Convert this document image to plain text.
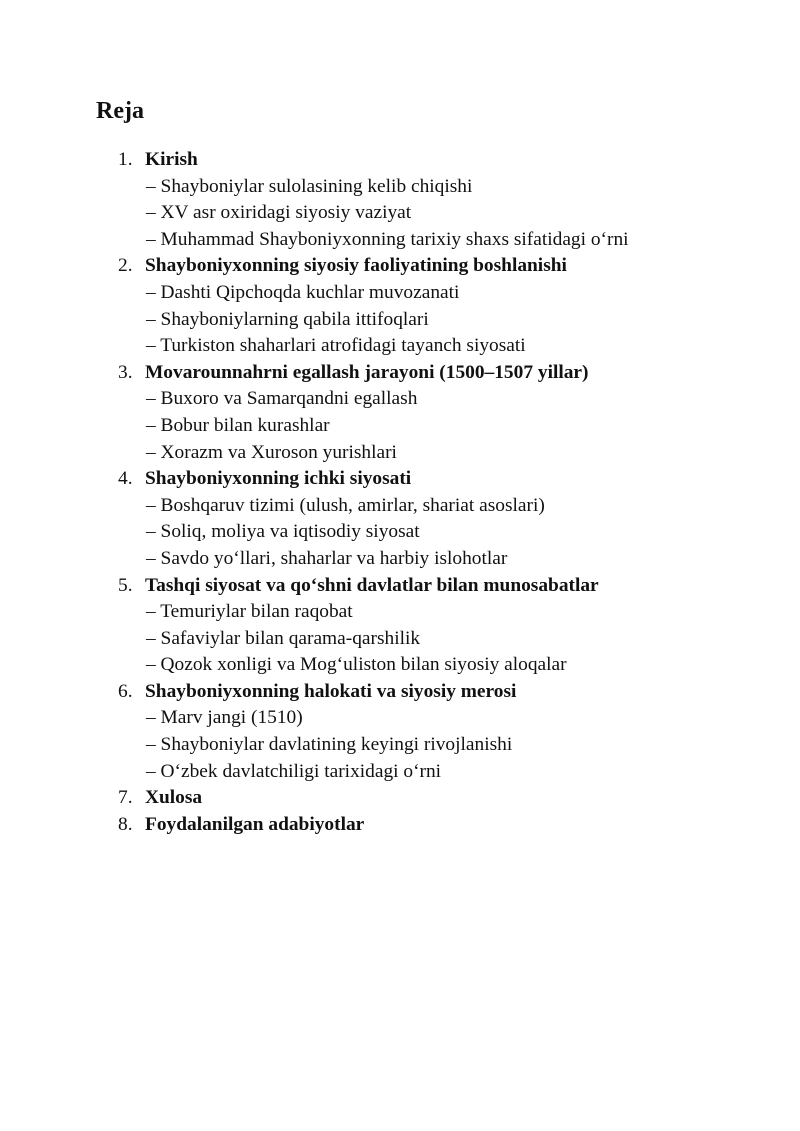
Reja
1. Kirish
– Shayboniylar sulolasining kelib chiqishi
– XV asr oxiridagi siyosiy vaziyat
– Muhammad Shayboniyxonning tarixiy shaxs sifatidagi o‘rni
2. Shayboniyxonning siyosiy faoliyatining boshlanishi
– Dashti Qipchoqda kuchlar muvozanati
– Shayboniylarning qabila ittifoqlari
– Turkiston shaharlari atrofidagi tayanch siyosati
3. Movarounnahrni egallash jarayoni (1500–1507 yillar)
– Buxoro va Samarqandni egallash
– Bobur bilan kurashlar
– Xorazm va Xuroson yurishlari
4. Shayboniyxonning ichki siyosati
– Boshqaruv tizimi (ulush, amirlar, shariat asoslari)
– Soliq, moliya va iqtisodiy siyosat
– Savdo yo‘llari, shaharlar va harbiy islohotlar
5. Tashqi siyosat va qo‘shni davlatlar bilan munosabatlar
– Temuriylar bilan raqobat
– Safaviylar bilan qarama-qarshilik
– Qozok xonligi va Mog‘uliston bilan siyosiy aloqalar
6. Shayboniyxonning halokati va siyosiy merosi
– Marv jangi (1510)
– Shayboniylar davlatining keyingi rivojlanishi
– O‘zbek davlatchiligi tarixidagi o‘rni
7. Xulosa
8. Foydalanilgan adabiyotlar
